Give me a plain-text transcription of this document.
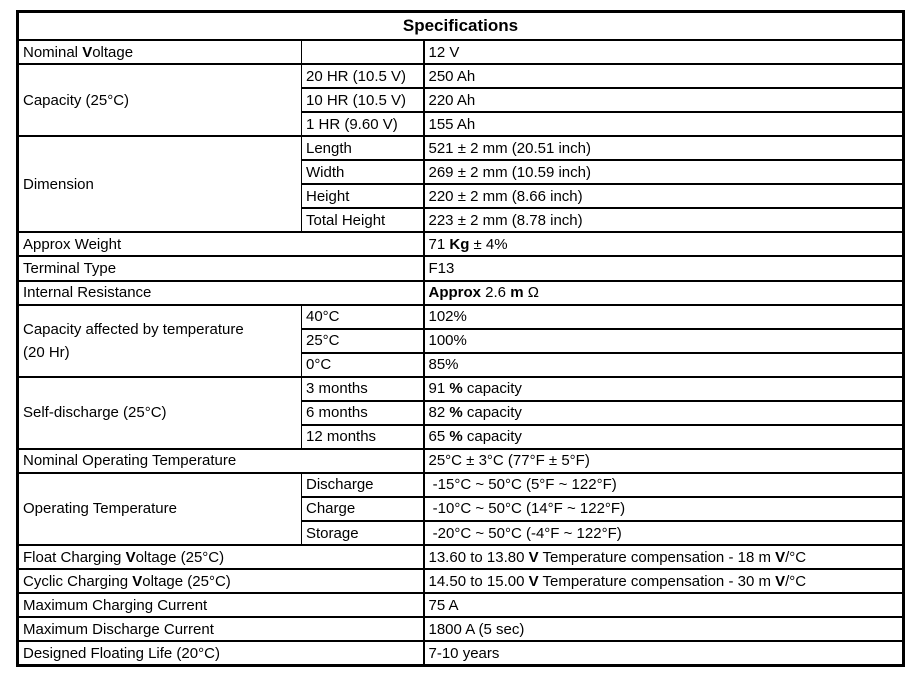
Specifications		
Nominal Voltage		12 V
Capacity (25°C)	20 HR (10.5 V)	250 Ah
	10 HR (10.5 V)	220 Ah
	1 HR (9.60 V)	155 Ah
Dimension	Length	521 ± 2 mm (20.51 inch)
	Width	269 ± 2 mm (10.59 inch)
	Height	220 ± 2 mm (8.66 inch)
	Total Height	223 ± 2 mm (8.78 inch)
Approx Weight		71 Kg ± 4%
Terminal Type		F13
Internal Resistance		Approx 2.6 m Ω

Capacity affected by temperature
(20 Hr)	40°C	102%
	25°C	100%
	0°C	85%
Self-discharge (25°C)	3 months	91 % capacity
	6 months	82 % capacity
	12 months	65 % capacity
Nominal Operating Temperature		25°C ± 3°C (77°F ± 5°F)
Operating Temperature	Discharge	-15°C ~ 50°C (5°F ~ 122°F)
	Charge	-10°C ~ 50°C (14°F ~ 122°F)
	Storage	-20°C ~ 50°C (-4°F ~ 122°F)
Float Charging Voltage (25°C)		13.60 to 13.80 V Temperature compensation - 18 m V/°C
Cyclic Charging Voltage (25°C)		14.50 to 15.00 V Temperature compensation - 30 m V/°C
Maximum Charging Current		75 A
Maximum Discharge Current		1800 A (5 sec)
Designed Floating Life (20°C)		7-10 years
